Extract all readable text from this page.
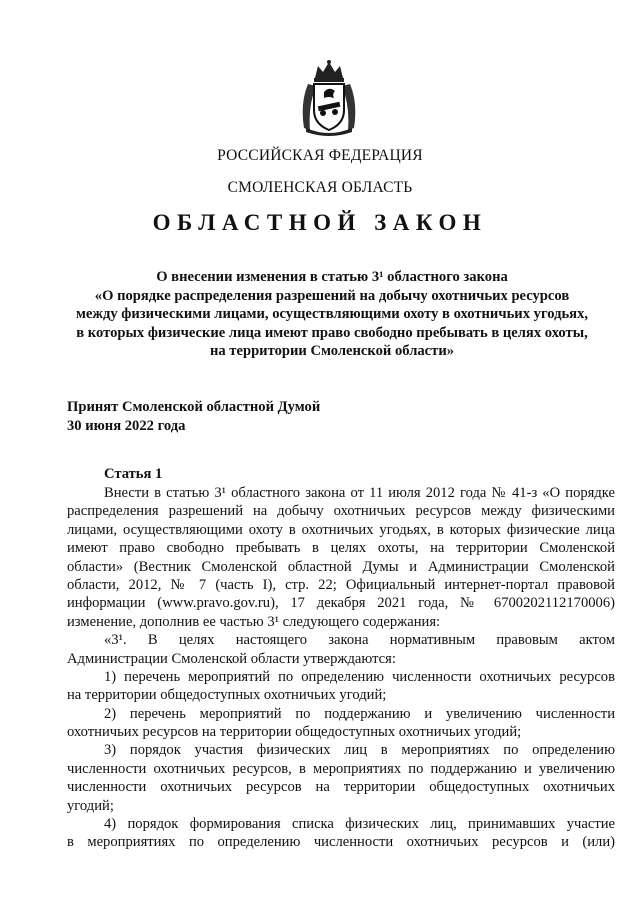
РОССИЙСКАЯ ФЕДЕРАЦИЯ
СМОЛЕНСКАЯ ОБЛАСТЬ
ОБЛАСТНОЙ ЗАКОН
О внесении изменения в статью 3¹ областного закона
«О порядке распределения разрешений на добычу охотничьих ресурсов
между физическими лицами, осуществляющими охоту в охотничьих угодьях,
в которых физические лица имеют право свободно пребывать в целях охоты,
на территории Смоленской области»
Принят Смоленской областной Думой
30 июня 2022 года
Статья 1
Внести в статью 3¹ областного закона от 11 июля 2012 года № 41-з «О порядке
распределения разрешений на добычу охотничьих ресурсов между физическими
лицами, осуществляющими охоту в охотничьих угодьях, в которых физические лица
имеют право свободно пребывать в целях охоты, на территории Смоленской
области» (Вестник Смоленской областной Думы и Администрации Смоленской
области, 2012, № 7 (часть I), стр. 22; Официальный интернет-портал правовой
информации (www.pravo.gov.ru), 17 декабря 2021 года, № 6700202112170006)
изменение, дополнив ее частью 3¹ следующего содержания:
«3¹. В целях настоящего закона нормативным правовым актом
Администрации Смоленской области утверждаются:
1) перечень мероприятий по определению численности охотничьих ресурсов
на территории общедоступных охотничьих угодий;
2) перечень мероприятий по поддержанию и увеличению численности
охотничьих ресурсов на территории общедоступных охотничьих угодий;
3) порядок участия физических лиц в мероприятиях по определению
численности охотничьих ресурсов, в мероприятиях по поддержанию и увеличению
численности охотничьих ресурсов на территории общедоступных охотничьих
угодий;
4) порядок формирования списка физических лиц, принимавших участие
в мероприятиях по определению численности охотничьих ресурсов и (или)
